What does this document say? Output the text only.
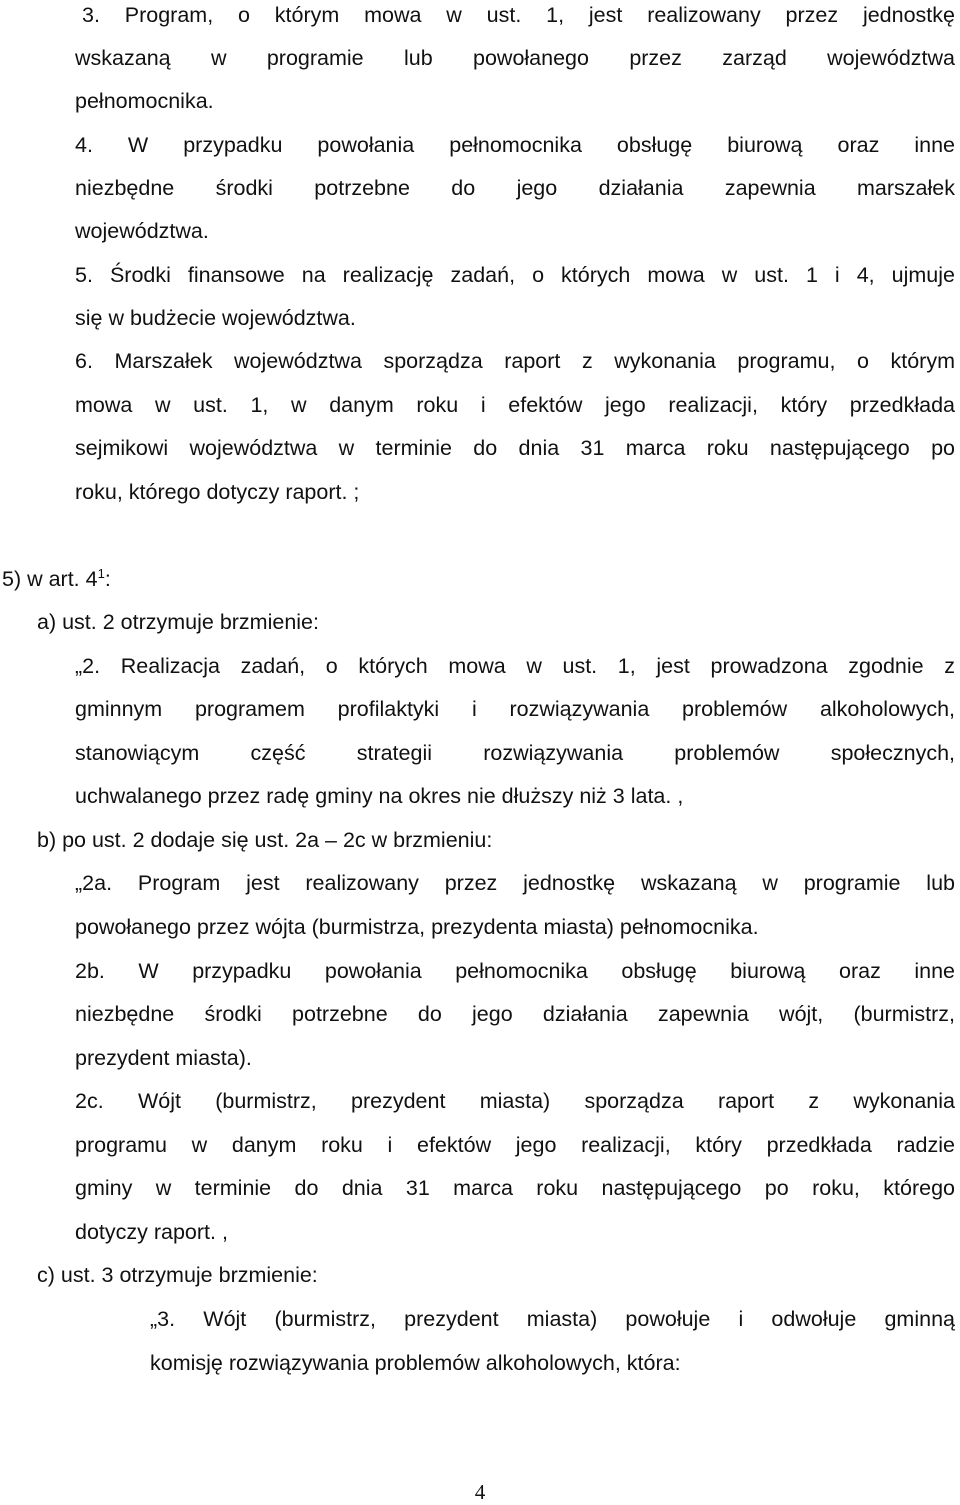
3. Program, o którym mowa w ust. 1, jest realizowany przez jednostkę
wskazaną w programie lub powołanego przez zarząd województwa
pełnomocnika.
4. W przypadku powołania pełnomocnika obsługę biurową oraz inne
niezbędne środki potrzebne do jego działania zapewnia marszałek
województwa.
5. Środki finansowe na realizację zadań, o których mowa w ust. 1 i 4, ujmuje
się w budżecie województwa.
6. Marszałek województwa sporządza raport z wykonania programu, o którym
mowa w ust. 1, w danym roku i efektów jego realizacji, który przedkłada
sejmikowi województwa w terminie do dnia 31 marca roku następującego po
roku, którego dotyczy raport. ;
5) w art. $4^1$:
a) ust. 2 otrzymuje brzmienie:
„2. Realizacja zadań, o których mowa w ust. 1, jest prowadzona zgodnie z
gminnym programem profilaktyki i rozwiązywania problemów alkoholowych,
stanowiącym część strategii rozwiązywania problemów społecznych,
uchwalanego przez radę gminy na okres nie dłuższy niż 3 lata. ,
b) po ust. 2 dodaje się ust. 2a – 2c w brzmieniu:
„2a. Program jest realizowany przez jednostkę wskazaną w programie lub
powołanego przez wójta (burmistrza, prezydenta miasta) pełnomocnika.
2b. W przypadku powołania pełnomocnika obsługę biurową oraz inne
niezbędne środki potrzebne do jego działania zapewnia wójt, (burmistrz,
prezydent miasta).
2c. Wójt (burmistrz, prezydent miasta) sporządza raport z wykonania
programu w danym roku i efektów jego realizacji, który przedkłada radzie
gminy w terminie do dnia 31 marca roku następującego po roku, którego
dotyczy raport. ,
c) ust. 3 otrzymuje brzmienie:
„3. Wójt (burmistrz, prezydent miasta) powołuje i odwołuje gminną
komisję rozwiązywania problemów alkoholowych, która:
4
